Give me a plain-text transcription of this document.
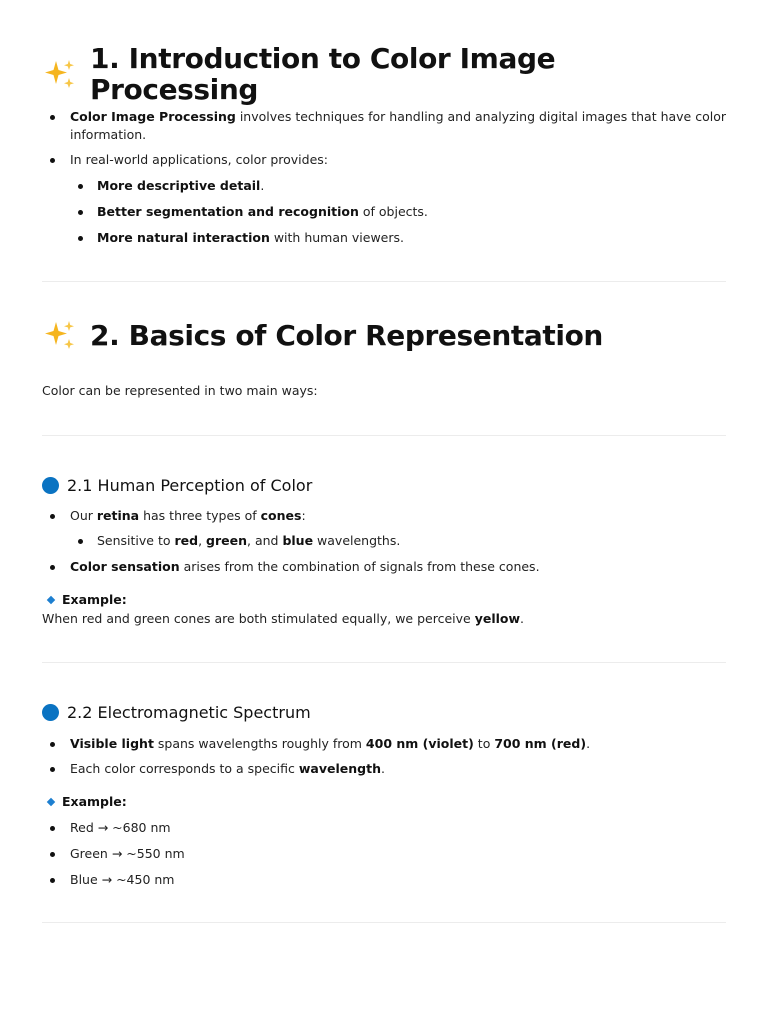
1. Introduction to Color Image Processing
Color Image Processing involves techniques for handling and analyzing digital images that have color
information.
In real-world applications, color provides:
More descriptive detail.
Better segmentation and recognition of objects.
More natural interaction with human viewers.
2. Basics of Color Representation
Color can be represented in two main ways:
2.1 Human Perception of Color
Our retina has three types of cones:
Sensitive to red, green, and blue wavelengths.
Color sensation arises from the combination of signals from these cones.
Example:
When red and green cones are both stimulated equally, we perceive yellow.
2.2 Electromagnetic Spectrum
Visible light spans wavelengths roughly from 400 nm (violet) to 700 nm (red).
Each color corresponds to a specific wavelength.
Example:
Red → ~680 nm
Green → ~550 nm
Blue → ~450 nm
